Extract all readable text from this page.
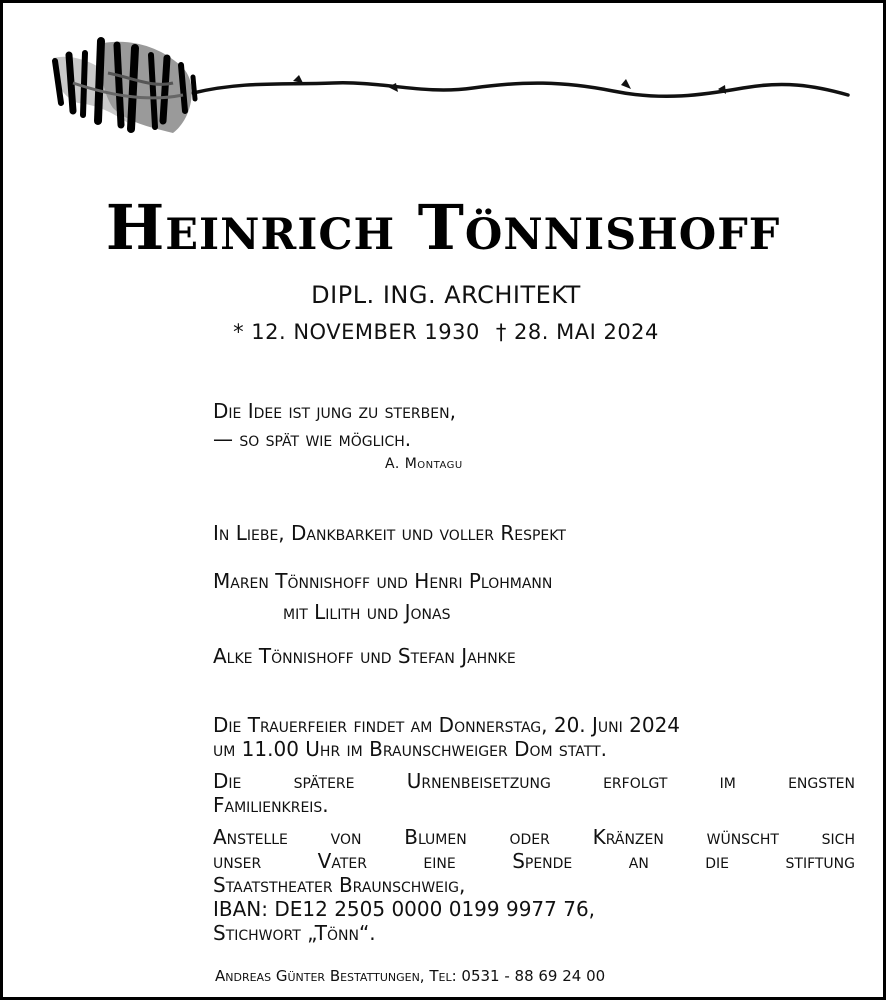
Heinrich Tönnishoff
DIPL. ING. ARCHITEKT
* 12. NOVEMBER 1930 † 28. MAI 2024
Die Idee ist jung zu sterben,
— so spät wie möglich.
A. Montagu
In Liebe, Dankbarkeit und voller Respekt
Maren Tönnishoff und Henri Plohmann
mit Lilith und Jonas
Alke Tönnishoff und Stefan Jahnke

Die Trauerfeier findet am Donnerstag, 20. Juni 2024
um 11.00 Uhr im Braunschweiger Dom statt.

Die spätere Urnenbeisetzung erfolgt im engsten
Familienkreis.

Anstelle von Blumen oder Kränzen wünscht sich
unser Vater eine Spende an die stiftung
Staatstheater Braunschweig,
IBAN: DE12 2505 0000 0199 9977 76,
Stichwort „Tönn“.

Andreas Günter Bestattungen, Tel: 0531 - 88 69 24 00
